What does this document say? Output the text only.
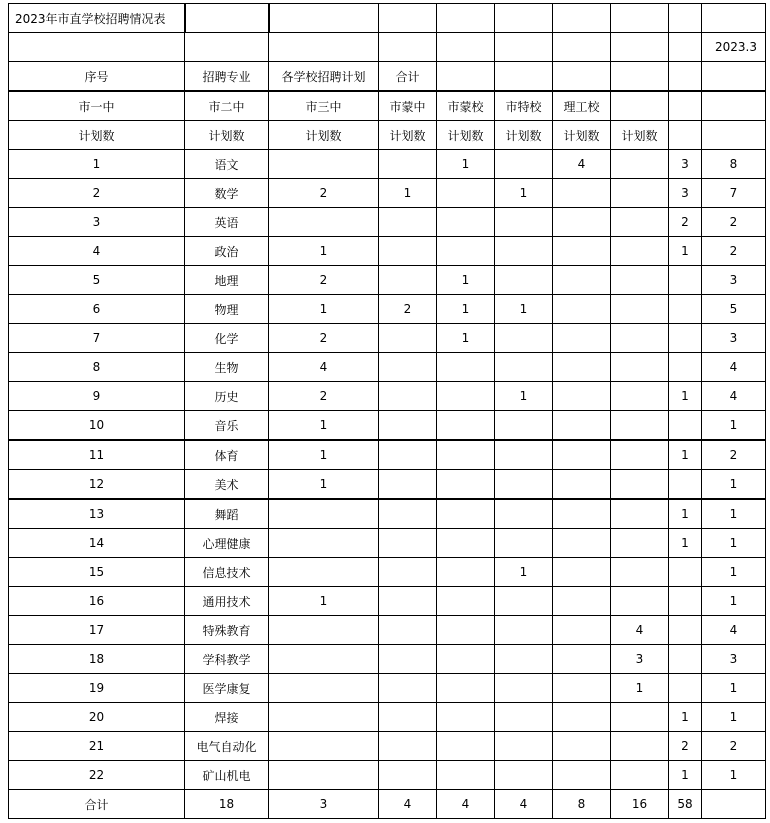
2023年市直学校招聘情况表									
									2023.3
序号	招聘专业	各学校招聘计划	合计						
市一中	市二中	市三中	市蒙中	市蒙校	市特校	理工校			
计划数	计划数	计划数	计划数	计划数	计划数	计划数	计划数		
1	语文			1		4		3	8
2	数学	2	1		1			3	7
3	英语							2	2
4	政治	1						1	2
5	地理	2		1					3
6	物理	1	2	1	1				5
7	化学	2		1					3
8	生物	4							4
9	历史	2			1			1	4
10	音乐	1							1
11	体育	1						1	2
12	美术	1							1
13	舞蹈							1	1
14	心理健康							1	1
15	信息技术				1				1
16	通用技术	1							1
17	特殊教育						4		4
18	学科教学						3		3
19	医学康复						1		1
20	焊接							1	1
21	电气自动化							2	2
22	矿山机电							1	1
合计	18	3	4	4	4	8	16	58	
